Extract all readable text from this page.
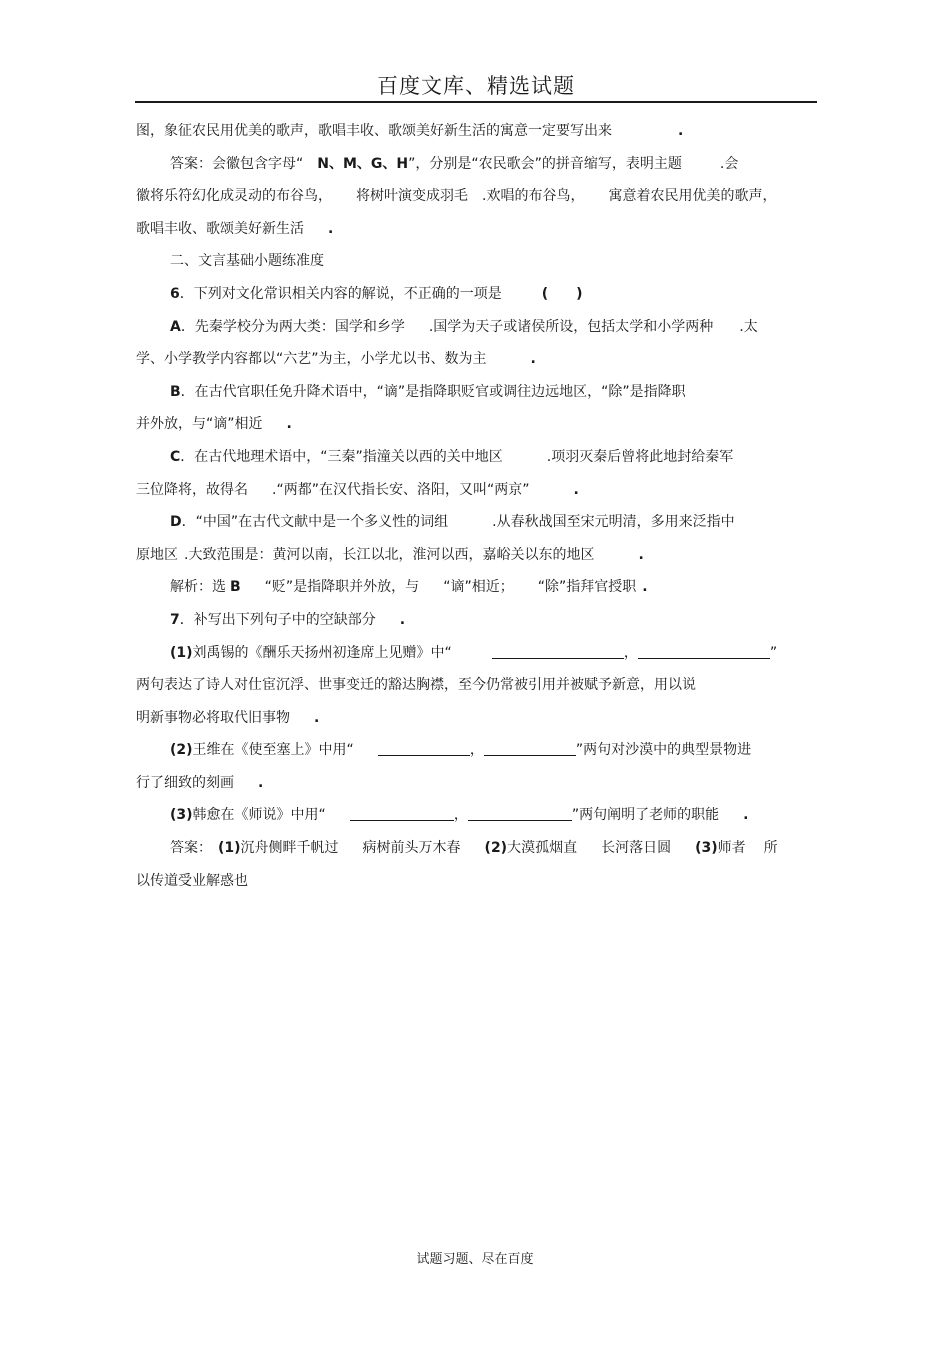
百度文库、精选试题
图，象征农民用优美的歌声，歌唱丰收、歌颂美好新生活的寓意一定要写出来	.
答案：会徽包含字母“ N、M、G、H”，分别是“农民歌会”的拼音缩写，表明主题	.会
徽将乐符幻化成灵动的布谷鸟， 将树叶演变成羽毛 .欢唱的布谷鸟， 寓意着农民用优美的歌声，
歌唱丰收、歌颂美好新生活 .
二、文言基础小题练准度
6．下列对文化常识相关内容的解说，不正确的一项是	(　　)
A．先秦学校分为两大类：国学和乡学 .国学为天子或诸侯所设，包括太学和小学两种 .太
学、小学教学内容都以“六艺”为主，小学尤以书、数为主	.
B．在古代官职任免升降术语中，“谪”是指降职贬官或调往边远地区，“除”是指降职
并外放，与“谪”相近 .
C．在古代地理术语中，“三秦”指潼关以西的关中地区	.项羽灭秦后曾将此地封给秦军
三位降将，故得名 .“两都”在汉代指长安、洛阳，又叫“两京”	.
D．“中国”在古代文献中是一个多义性的词组	.从春秋战国至宋元明清，多用来泛指中
原地区 .大致范围是：黄河以南，长江以北，淮河以西，嘉峪关以东的地区	.
解析：选 B “贬”是指降职并外放，与 “谪”相近； “除”指拜官授职 .
7．补写出下列句子中的空缺部分 .
(1)刘禹锡的《酬乐天扬州初逢席上见赠》中“	，	”
两句表达了诗人对仕宦沉浮、世事变迁的豁达胸襟，至今仍常被引用并被赋予新意，用以说
明新事物必将取代旧事物 .
(2)王维在《使至塞上》中用“	，	”两句对沙漠中的典型景物进
行了细致的刻画 .
(3)韩愈在《师说》中用“	，	”两句阐明了老师的职能 .
答案： (1)沉舟侧畔千帆过 病树前头万木春 (2)大漠孤烟直 长河落日圆 (3)师者 所
以传道受业解惑也
试题习题、尽在百度
